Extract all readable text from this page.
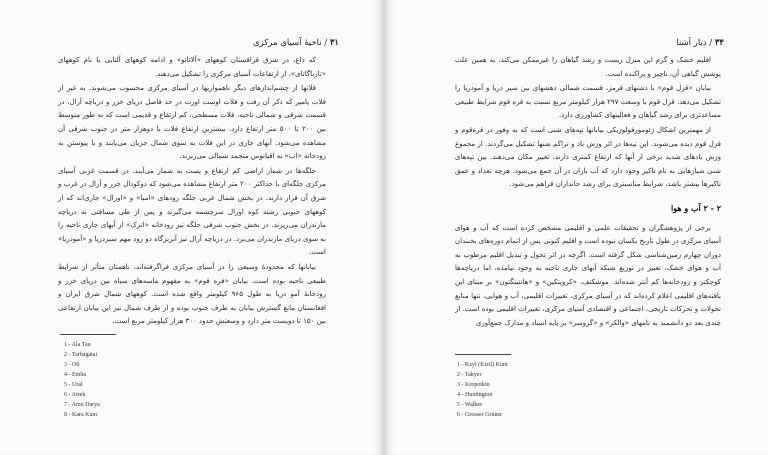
۳۱ / ناحیهٔ آسیای مرکزی

که داغ، در شرق قزاقستان کوههای «آلاتائو» و ادامه کوههای آلتایی با نام کوههای «تارباگاتای»، از ارتفاعات آسیای مرکزی را تشکیل می‌دهند.

قلاتها از چشم‌اندازهای دیگر ناهمواریها در آسیای مرکزی محسوب می‌شوند. به غیر از فلات پامیر که ذکر آن رفت و فلات اوست اورت در حد فاصل دریای خزر و دریاچه آرال، در قسمت شرقی و شمالی ناحیه، فلات مسطحی، کم ارتفاع و قدیمی است که به طور متوسط بین ۲۰۰ تا ۵۰۰ متر ارتفاع دارد. بیشترین ارتفاع فلات با دوهزار متر در جنوب شرقی آن مشاهده می‌شود. آبهای جاری در این فلات به سوی شمال جریان می‌یابند و با پیوستن به رودخانه «اب» به اقیانوس منجمد شمالی می‌ریزند.

جلگه‌ها در شمار اراضی کم ارتفاع و پست به شمار می‌آیند. در قسمت غربی آسیای مرکزی جلگه‌ای با حداکثر ۲۰۰ متر ارتفاع مشاهده می‌شود که دوکودال خزر و آرال در غرب و شرق آن قرار دارند. در بخش شمال غربی جلگه رودهای «امبا» و «اورال» جاری‌اند که از کوههای جنوبی رشته کوه اورال سرچشمه می‌گیرند و پس از طی مسافتی به دریاچه مازندران می‌ریزند. در بخش جنوب شرقی جلگه نیز رودخانه «اترک» از آبهای جاری ناحیه را به سوی دریای مازندران می‌برد. در دریاچه آرال نیز آبریزگاه دو رود مهم سیردریا و «آمودریا» است.

بیابانها که محدودهٔ وسیعی را در آسیای مرکزی فراگرفته‌اند، ناهمتان متأثر از شرایط طبیعی ناحیه بوده است. بیابان «قره قوم» به مفهوم ماسه‌های سیاه بین دریای خزر و رودخانهٔ آمو دریا به طول ۹۶۵ کیلومتر واقع شده است. کوههای شمال شرق ایران و افغانستان مانع گسترش بیابان به طرف جنوب بوده و از طرف شمال نیز این بیابان ارتفاعی بین ۱۵۰ تا دویست متر دارد و وسعتش حدود ۳۰۰ هزار کیلومتر مربع است.

1 - Ala Tau
2 - Tarbagatai
3 - Ob
4 - Emba
5 - Ural
6 - Atrek
7 - Amu Darya
8 - Kara Kum
۳۴ / دیار آشنا

اقلیم خشک و گرم این منزل زیست و رشد گیاهان را غیرممکن می‌کند، به همین علت پوشش گیاهی آن، ناچیز و پراکنده است.

بیابان «قزل قوم» با دشتهای قرمز، قسمت شمالی دهشهای بین سیر دریا و آمودریا را تشکیل می‌دهد. قزل قوم با وسعت ۲۹۷ هزار کیلومتر مربع نسبت به قره قوم شرایط طبیعی مساعدتری برای رشد گیاهان و فعالیتهای کشاورزی دارد.

از مهمترین اشکال ژئومورفولوژیکی بیابانها تپه‌های شنی است که به وفور در قره‌قوم و قزل قوم دیده می‌شوند. این تپه‌ها در اثر وزش باد و تراکم شنها تشکیل می‌گردند. از مجموع وزش بادهای شدید برخی از آنها که ارتفاع کمتری دارند، تغییر مکان می‌دهند. بین تپه‌های شنی شیارهایی به نام تاکیر وجود دارد که آب باران در آن جمع می‌شود. هرچه تعداد و عمق تاکیرها بیشتر باشد، شرایط مناسبتری برای رشد جانداران فراهم می‌شود.

۲ - ۲ آب و هوا

برخی از پژوهشگران و تحقیقات علمی و اقلیمی مشخص کرده است که آب و هوای آسیای مرکزی در طول تاریخ یکسان نبوده است و اقلیم کنونی پس از اتمام دوره‌های یخبندان دوران چهارم زمین‌شناسی شکل گرفته است. اگرچه در اثر تحول و تبدیل اقلیم مرطوب به آب و هوای خشک، تغییر در توزیع شبکه آبهای جاری ناحیه به وجود نیامده، اما دریاچه‌ها کوچکتر و رودخانه‌ها کم آبتر شده‌اند. موشکتف، «کروپتکین» و «هانتینگتون» بر مبنای این یافته‌های اقلیمی اعلام کرده‌اند که در آسیای مرکزی، تغییرات اقلیمی، آب و هوایی، تنها منابع تحولات و تحرکات تاریخی، اجتماعی و اقتصادی آسیای مرکزی، تغییرات اقلیمی بوده است. از چندی بعد دو دانشمند به نامهای «والکر» و «گروسر» بر پایه اسناد و مدارک جمع‌آوری

1 - Kzyl (Kizil) Kum
2 - Takyer
3 - Kropotkin
4 - Huntington
5 - Walker
6 - Grosser Gruner
